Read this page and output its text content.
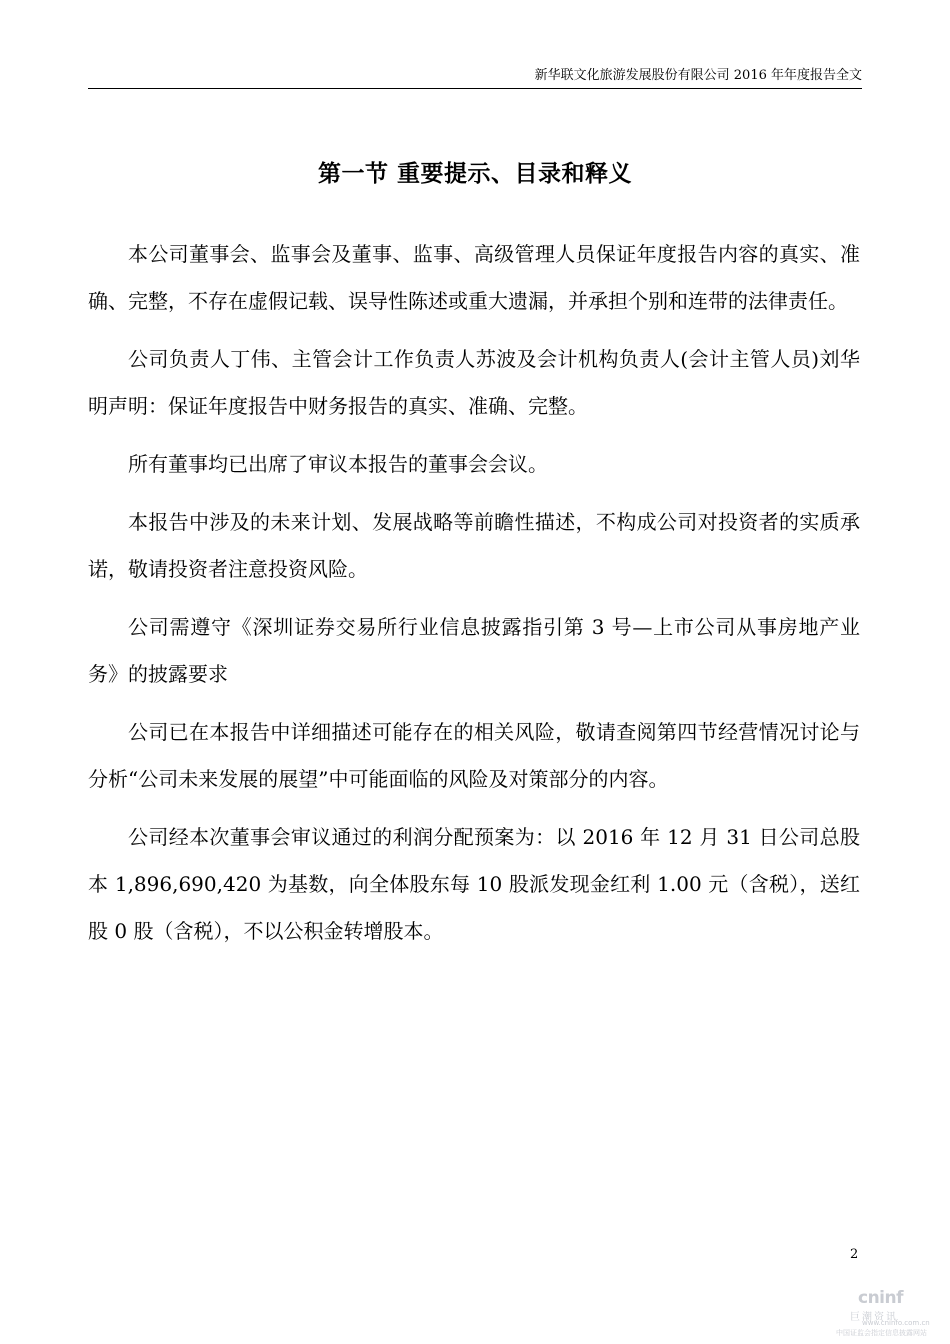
新华联文化旅游发展股份有限公司 2016 年年度报告全文
第一节 重要提示、目录和释义

本公司董事会、监事会及董事、监事、高级管理人员保证年度报告内容的真实、准确、完整，不存在虚假记载、误导性陈述或重大遗漏，并承担个别和连带的法律责任。

公司负责人丁伟、主管会计工作负责人苏波及会计机构负责人(会计主管人员)刘华明声明：保证年度报告中财务报告的真实、准确、完整。

所有董事均已出席了审议本报告的董事会会议。

本报告中涉及的未来计划、发展战略等前瞻性描述，不构成公司对投资者的实质承诺，敬请投资者注意投资风险。

公司需遵守《深圳证券交易所行业信息披露指引第 3 号—上市公司从事房地产业务》的披露要求

公司已在本报告中详细描述可能存在的相关风险，敬请查阅第四节经营情况讨论与分析“公司未来发展的展望”中可能面临的风险及对策部分的内容。

公司经本次董事会审议通过的利润分配预案为：以 2016 年 12 月 31 日公司总股本 1,896,690,420 为基数，向全体股东每 10 股派发现金红利 1.00 元（含税），送红股 0 股（含税），不以公积金转增股本。

2
cninf
巨潮资讯
www.cninfo.com.cn
中国证监会指定信息披露网站
